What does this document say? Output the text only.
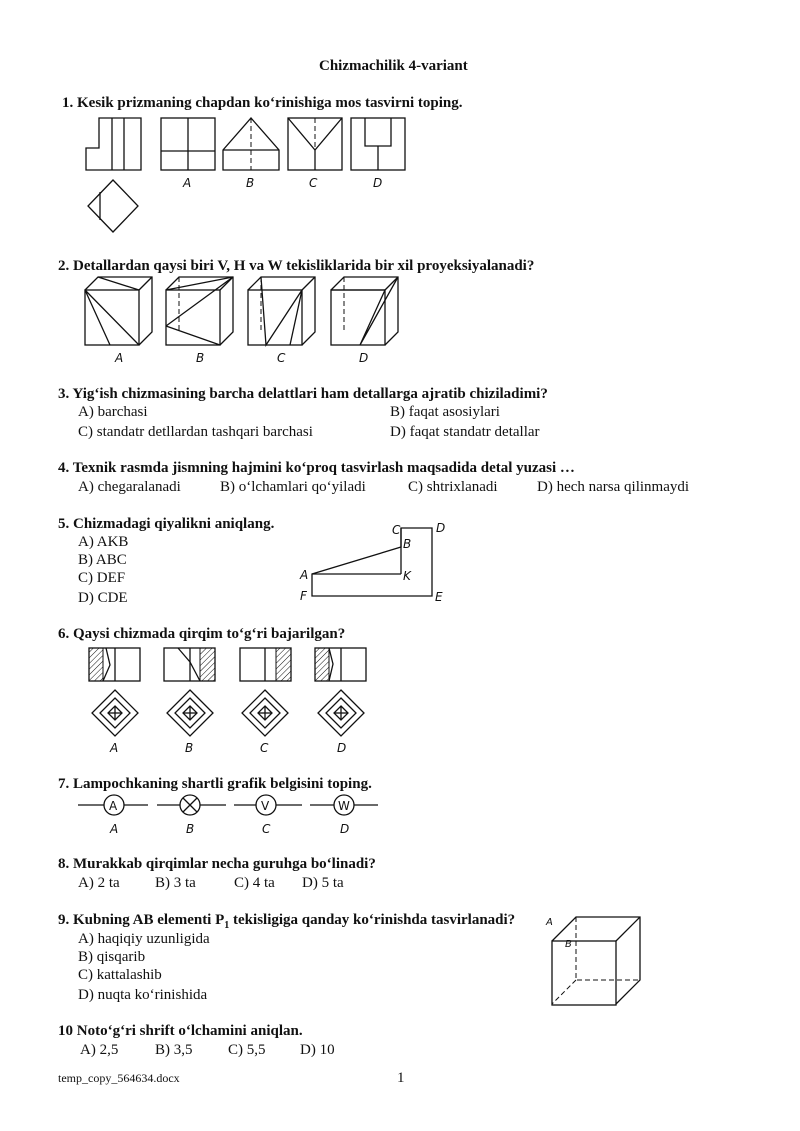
Chizmachilik 4-variant
1. Kesik prizmaning chapdan ko‘rinishiga mos tasvirni toping.
A	B	C	D
2. Detallardan qaysi biri V, H va W tekisliklarida bir xil proyeksiyalanadi?
A	B	C	D
3. Yig‘ish chizmasining barcha delattlari ham detallarga ajratib chiziladimi?
A) barchasi	B) faqat asosiylari
C) standatr detllardan tashqari barchasi	D) faqat standatr detallar
4. Texnik rasmda jismning hajmini ko‘proq tasvirlash maqsadida detal yuzasi …
A) chegaralanadi	B) o‘lchamlari qo‘yiladi	C) shtrixlanadi	D) hech narsa qilinmaydi
5. Chizmadagi qiyalikni aniqlang.
A) AKB
B) ABC
C) DEF
D) CDE
C	D
B
A	K
F	E
6. Qaysi chizmada qirqim to‘g‘ri bajarilgan?
A	B	C	D
7. Lampochkaning shartli grafik belgisini toping.
A	V	W
A	B	C	D
8. Murakkab qirqimlar necha guruhga bo‘linadi?
A) 2 ta B) 3 ta	C) 4 ta D) 5 ta
9. Kubning AB elementi $P_1$ tekisligiga qanday ko‘rinishda tasvirlanadi?
A) haqiqiy uzunligida
B) qisqarib
C) kattalashib
D) nuqta ko‘rinishida
A
B
10 Noto‘g‘ri shrift o‘lchamini aniqlan.
A) 2,5 B) 3,5 C) 5,5 D) 10
temp_copy_564634.docx	1
